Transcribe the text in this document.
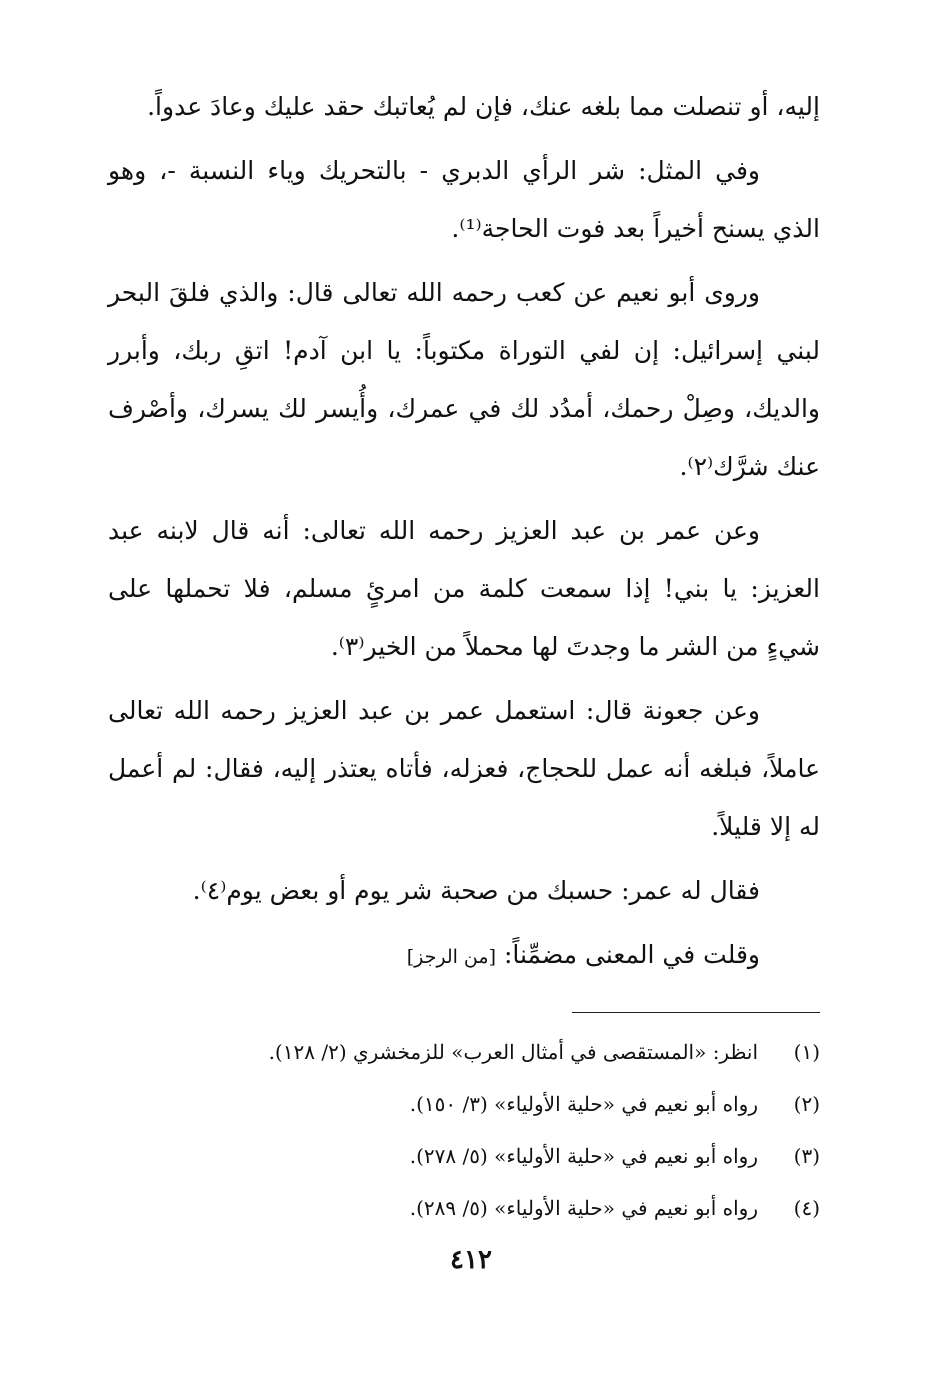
إليه، أو تنصلت مما بلغه عنك، فإن لم يُعاتبك حقد عليك وعادَ عدواً.

وفي المثل: شر الرأي الدبري - بالتحريك وياء النسبة -، وهو الذي يسنح أخيراً بعد فوت الحاجة⁽¹⁾.

وروى أبو نعيم عن كعب رحمه الله تعالى قال: والذي فلقَ البحر لبني إسرائيل: إن لفي التوراة مكتوباً: يا ابن آدم! اتقِ ربك، وأبرر والديك، وصِلْ رحمك، أمدُد لك في عمرك، وأُيسر لك يسرك، وأصْرف عنك شرَّك⁽٢⁾.

وعن عمر بن عبد العزيز رحمه الله تعالى: أنه قال لابنه عبد العزيز: يا بني! إذا سمعت كلمة من امرئٍ مسلم، فلا تحملها على شيءٍ من الشر ما وجدتَ لها محملاً من الخير⁽٣⁾.

وعن جعونة قال: استعمل عمر بن عبد العزيز رحمه الله تعالى عاملاً، فبلغه أنه عمل للحجاج، فعزله، فأتاه يعتذر إليه، فقال: لم أعمل له إلا قليلاً.

فقال له عمر: حسبك من صحبة شر يوم أو بعض يوم⁽٤⁾.

وقلت في المعنى مضمِّناً: [من الرجز]

(١)
انظر: «المستقصى في أمثال العرب» للزمخشري (٢/ ١٢٨).
(٢)
رواه أبو نعيم في «حلية الأولياء» (٣/ ١٥٠).
(٣)
رواه أبو نعيم في «حلية الأولياء» (٥/ ٢٧٨).
(٤)
رواه أبو نعيم في «حلية الأولياء» (٥/ ٢٨٩).
٤١٢
